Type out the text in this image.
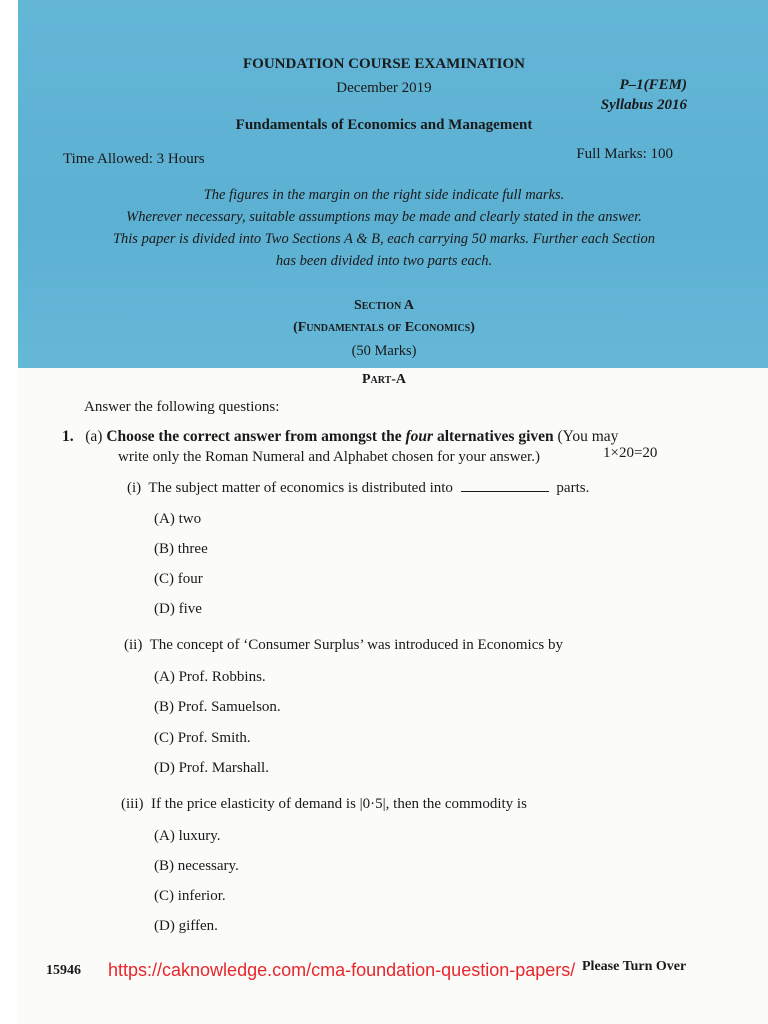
FOUNDATION COURSE EXAMINATION
December 2019	P–1(FEM)
Syllabus 2016
Fundamentals of Economics and Management
Time Allowed: 3 Hours	Full Marks: 100
The figures in the margin on the right side indicate full marks.
Wherever necessary, suitable assumptions may be made and clearly stated in the answer.
This paper is divided into Two Sections A & B, each carrying 50 marks. Further each Section
has been divided into two parts each.
Section A
(Fundamentals of Economics)
(50 Marks)
Part-A
Answer the following questions:
1. (a) Choose the correct answer from amongst the four alternatives given (You may
write only the Roman Numeral and Alphabet chosen for your answer.)	1×20=20
(i) The subject matter of economics is distributed into	parts.
(A) two
(B) three
(C) four
(D) five
(ii) The concept of ‘Consumer Surplus’ was introduced in Economics by
(A) Prof. Robbins.
(B) Prof. Samuelson.
(C) Prof. Smith.
(D) Prof. Marshall.
(iii) If the price elasticity of demand is |0·5|, then the commodity is
(A) luxury.
(B) necessary.
(C) inferior.
(D) giffen.
15946 https://caknowledge.com/cma-foundation-question-papers/ Please Turn Over
